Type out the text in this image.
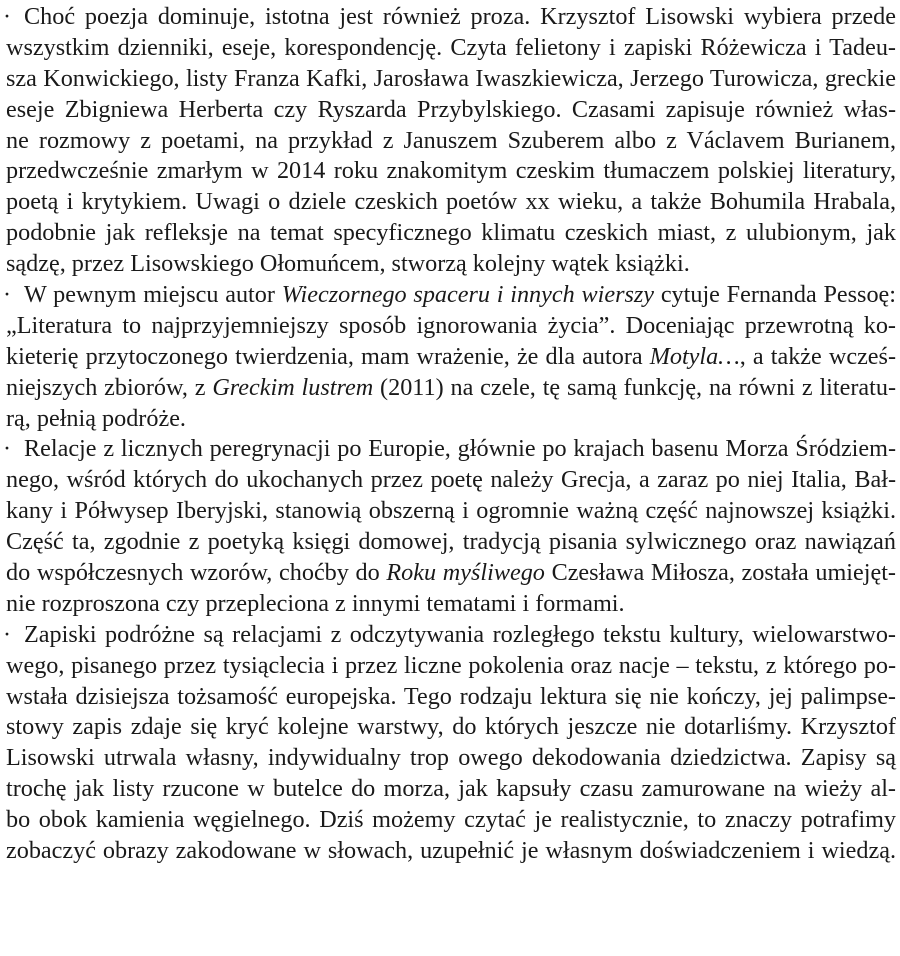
· Choć poezja dominuje, istotna jest również proza. Krzysztof Lisowski wybiera przede
wszystkim dzienniki, eseje, korespondencję. Czyta felietony i zapiski Różewicza i Tadeu-
sza Konwickiego, listy Franza Kafki, Jarosława Iwaszkiewicza, Jerzego Turowicza, greckie
eseje Zbigniewa Herberta czy Ryszarda Przybylskiego. Czasami zapisuje również włas-
ne rozmowy z poetami, na przykład z Januszem Szuberem albo z Václavem Burianem,
przedwcześnie zmarłym w 2014 roku znakomitym czeskim tłumaczem polskiej literatury,
poetą i krytykiem. Uwagi o dziele czeskich poetów xx wieku, a także Bohumila Hrabala,
podobnie jak refleksje na temat specyficznego klimatu czeskich miast, z ulubionym, jak
sądzę, przez Lisowskiego Ołomuńcem, stworzą kolejny wątek książki.
· W pewnym miejscu autor Wieczornego spaceru i innych wierszy cytuje Fernanda Pessoę:
„Literatura to najprzyjemniejszy sposób ignorowania życia”. Doceniając przewrotną ko-
kieterię przytoczonego twierdzenia, mam wrażenie, że dla autora Motyla…, a także wcześ-
niejszych zbiorów, z Greckim lustrem (2011) na czele, tę samą funkcję, na równi z literatu-
rą, pełnią podróże.
· Relacje z licznych peregrynacji po Europie, głównie po krajach basenu Morza Śródziem-
nego, wśród których do ukochanych przez poetę należy Grecja, a zaraz po niej Italia, Bał-
kany i Półwysep Iberyjski, stanowią obszerną i ogromnie ważną część najnowszej książki.
Część ta, zgodnie z poetyką księgi domowej, tradycją pisania sylwicznego oraz nawiązań
do współczesnych wzorów, choćby do Roku myśliwego Czesława Miłosza, została umiejęt-
nie rozproszona czy przepleciona z innymi tematami i formami.
· Zapiski podróżne są relacjami z odczytywania rozległego tekstu kultury, wielowarstwo-
wego, pisanego przez tysiąclecia i przez liczne pokolenia oraz nacje – tekstu, z którego po-
wstała dzisiejsza tożsamość europejska. Tego rodzaju lektura się nie kończy, jej palimpse-
stowy zapis zdaje się kryć kolejne warstwy, do których jeszcze nie dotarliśmy. Krzysztof
Lisowski utrwala własny, indywidualny trop owego dekodowania dziedzictwa. Zapisy są
trochę jak listy rzucone w butelce do morza, jak kapsuły czasu zamurowane na wieży al-
bo obok kamienia węgielnego. Dziś możemy czytać je realistycznie, to znaczy potrafimy
zobaczyć obrazy zakodowane w słowach, uzupełnić je własnym doświadczeniem i wiedzą.
